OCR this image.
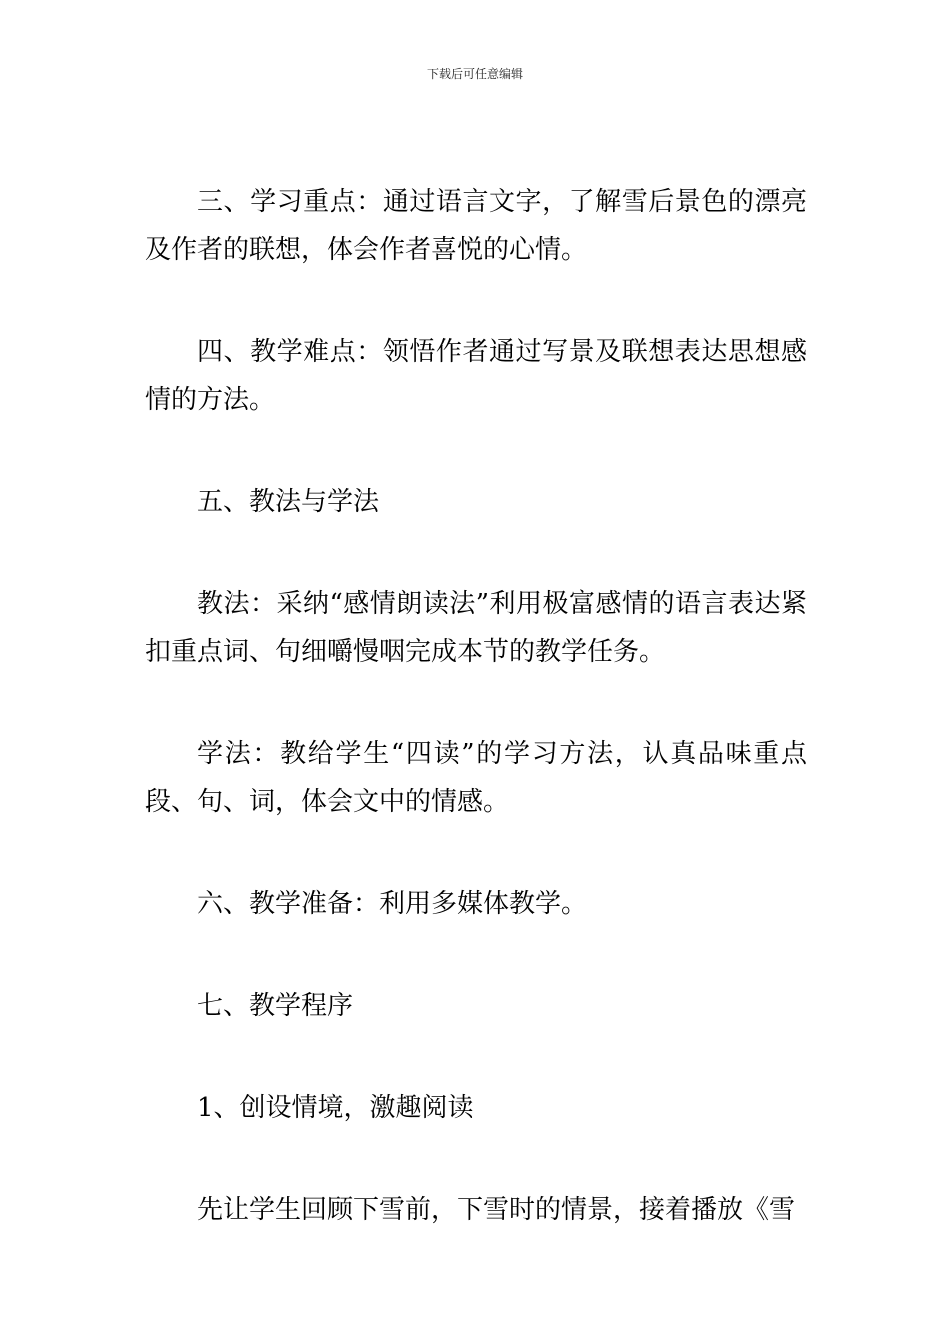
下载后可任意编辑

三、学习重点：通过语言文字，了解雪后景色的漂亮及作者的联想，体会作者喜悦的心情。

四、教学难点：领悟作者通过写景及联想表达思想感情的方法。

五、教法与学法

教法：采纳“感情朗读法”利用极富感情的语言表达紧扣重点词、句细嚼慢咽完成本节的教学任务。

学法：教给学生“四读”的学习方法，认真品味重点段、句、词，体会文中的情感。

六、教学准备：利用多媒体教学。

七、教学程序

1、创设情境，激趣阅读

先让学生回顾下雪前，下雪时的情景，接着播放《雪
